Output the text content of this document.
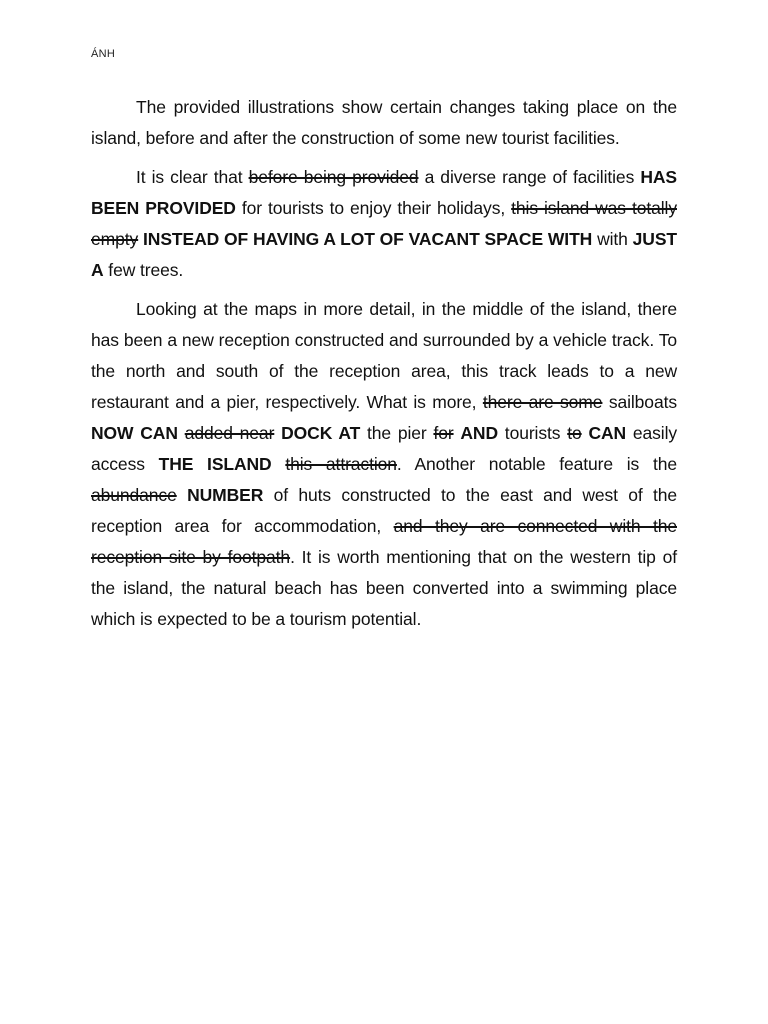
ÁNH

The provided illustrations show certain changes taking place on the island, before and after the construction of some new tourist facilities.

It is clear that before being provided a diverse range of facilities HAS BEEN PROVIDED for tourists to enjoy their holidays, this island was totally empty INSTEAD OF HAVING A LOT OF VACANT SPACE WITH with JUST A few trees.

Looking at the maps in more detail, in the middle of the island, there has been a new reception constructed and surrounded by a vehicle track. To the north and south of the reception area, this track leads to a new restaurant and a pier, respectively. What is more, there are some sailboats NOW CAN added near DOCK AT the pier for AND tourists to CAN easily access THE ISLAND this attraction. Another notable feature is the abundance NUMBER of huts constructed to the east and west of the reception area for accommodation, and they are connected with the reception site by footpath. It is worth mentioning that on the western tip of the island, the natural beach has been converted into a swimming place which is expected to be a tourism potential.
